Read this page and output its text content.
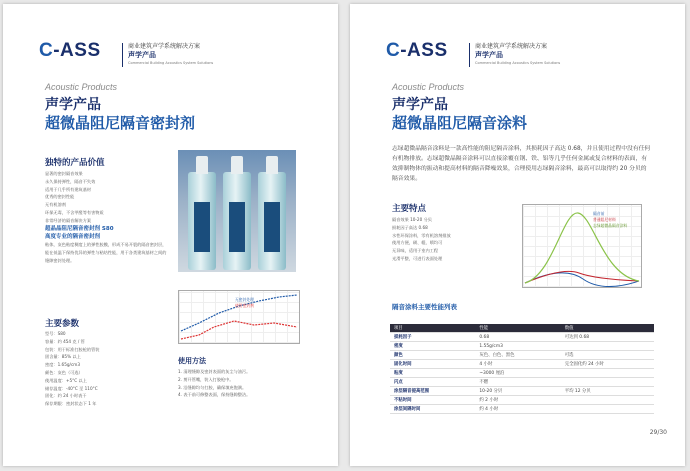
C-ASS	商业建筑声学系统解决方案
声学产品
Commercial Building Acoustics System Solutions
Acoustic Products
声学产品
超微晶阻尼隔音密封剂
独特的产品价值
显著的密封隔音效果
永久保持弹性，隔音不失效
适用于几乎所有建筑基材
优秀的密封性能
无有机溶剂
环保无毒，不含甲醛等有害物质
非常经济的隔音解决方案
超晶晶阻尼隔音密封剂 S80
高度专业的隔音密封剂
粘体，灰色粘度稠度上的弹性胶膜，形成不易开裂的隔音密封层，能在低温下保持优异的弹性与粘结性能，用于各类建筑基材之间的缝隙密封处理。
主要参数
型号：S80
容量：约 454 克 / 管
包装：用于标准打胶枪的管装
固含量：85% 以上
密度：1.65g/cm3
颜色：灰色（可选）
使用温度：+5°C 以上
储存温度：-40°C 至 110°C
固化：约 24 小时表干
保存期限：密封状态下 1 年
无密封处理
使用密封剂
使用方法
1. 清理缝隙及密封表面的灰尘与油污。
2. 剪开管嘴，装入打胶枪中。
3. 沿缝隙均匀打胶，确保填充饱满。
4. 表干前可修整表面，保持缝隙整洁。
C-ASS	商业建筑声学系统解决方案
声学产品
Commercial Building Acoustics System Solutions
Acoustic Products
声学产品
超微晶阻尼隔音涂料
志绿超微晶隔音涂料是一款高性能的阻尼隔音涂料，其损耗因子高达 0.68，并且使用过程中没有任何有机物排放。志绿超微晶隔音涂料可以直接涂覆在钢、铁、铝等几乎任何金属或复合材料的表面，有效抑制物体的振动和提高材料的隔音降噪效果，合理使用志绿隔音涂料，最高可以取得约 20 分贝的隔音效果。
主要特点
隔音效果 10-20 分贝
损耗因子高达 0.68
水性环保涂料，零有机溶剂排放
使用方便，刷、辊、喷均可
无异味，适用于室内工程
光滑平整，可进行表面处理
隔音前
普通阻尼材料
志绿超微晶隔音涂料
隔音涂料主要性能列表
项目	性能	数值
损耗因子	0.68	可达到 0.68
密度	1.55g/cm3	
颜色	灰色、白色、黑色	可选
固化时间	4 小时	完全固化约 24 小时
粘度	~3000 厘泊	
闪点	不燃	
涂层隔音提高范围	10-20 分贝	平均 12 分贝
不粘时间	约 2 小时	
涂层间隔时间	约 4 小时	
29/30
